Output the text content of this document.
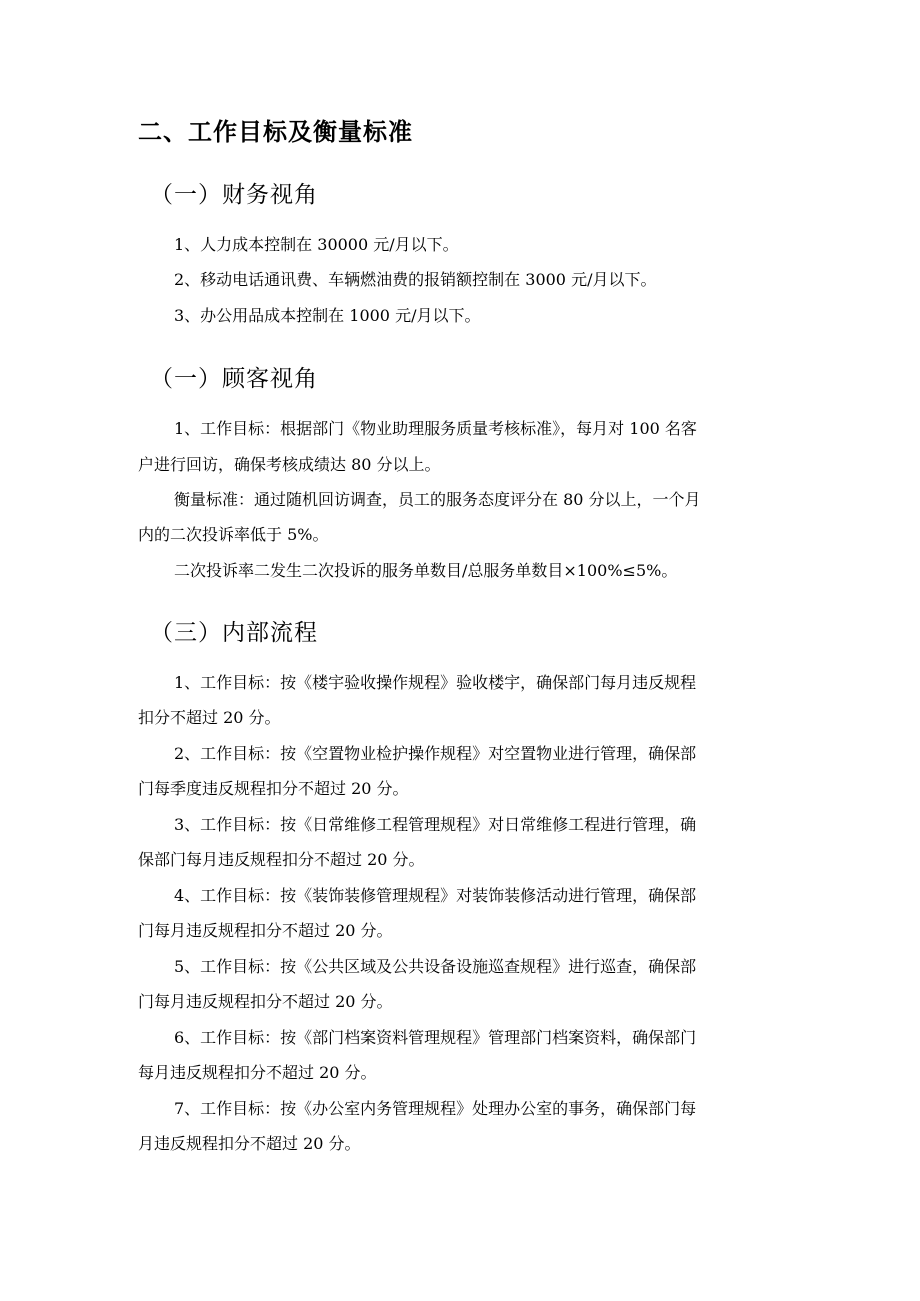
二、工作目标及衡量标准
（一）财务视角
1、人力成本控制在 30000 元/月以下。
2、移动电话通讯费、车辆燃油费的报销额控制在 3000 元/月以下。
3、办公用品成本控制在 1000 元/月以下。
（一）顾客视角
1、工作目标：根据部门《物业助理服务质量考核标准》，每月对 100 名客
户进行回访，确保考核成绩达 80 分以上。
衡量标准：通过随机回访调查，员工的服务态度评分在 80 分以上，一个月
内的二次投诉率低于 5%。
二次投诉率二发生二次投诉的服务单数目/总服务单数目×100%≤5%。
（三）内部流程
1、工作目标：按《楼宇验收操作规程》验收楼宇，确保部门每月违反规程
扣分不超过 20 分。
2、工作目标：按《空置物业检护操作规程》对空置物业进行管理，确保部
门每季度违反规程扣分不超过 20 分。
3、工作目标：按《日常维修工程管理规程》对日常维修工程进行管理，确
保部门每月违反规程扣分不超过 20 分。
4、工作目标：按《装饰装修管理规程》对装饰装修活动进行管理，确保部
门每月违反规程扣分不超过 20 分。
5、工作目标：按《公共区域及公共设备设施巡查规程》进行巡查，确保部
门每月违反规程扣分不超过 20 分。
6、工作目标：按《部门档案资料管理规程》管理部门档案资料，确保部门
每月违反规程扣分不超过 20 分。
7、工作目标：按《办公室内务管理规程》处理办公室的事务，确保部门每
月违反规程扣分不超过 20 分。
